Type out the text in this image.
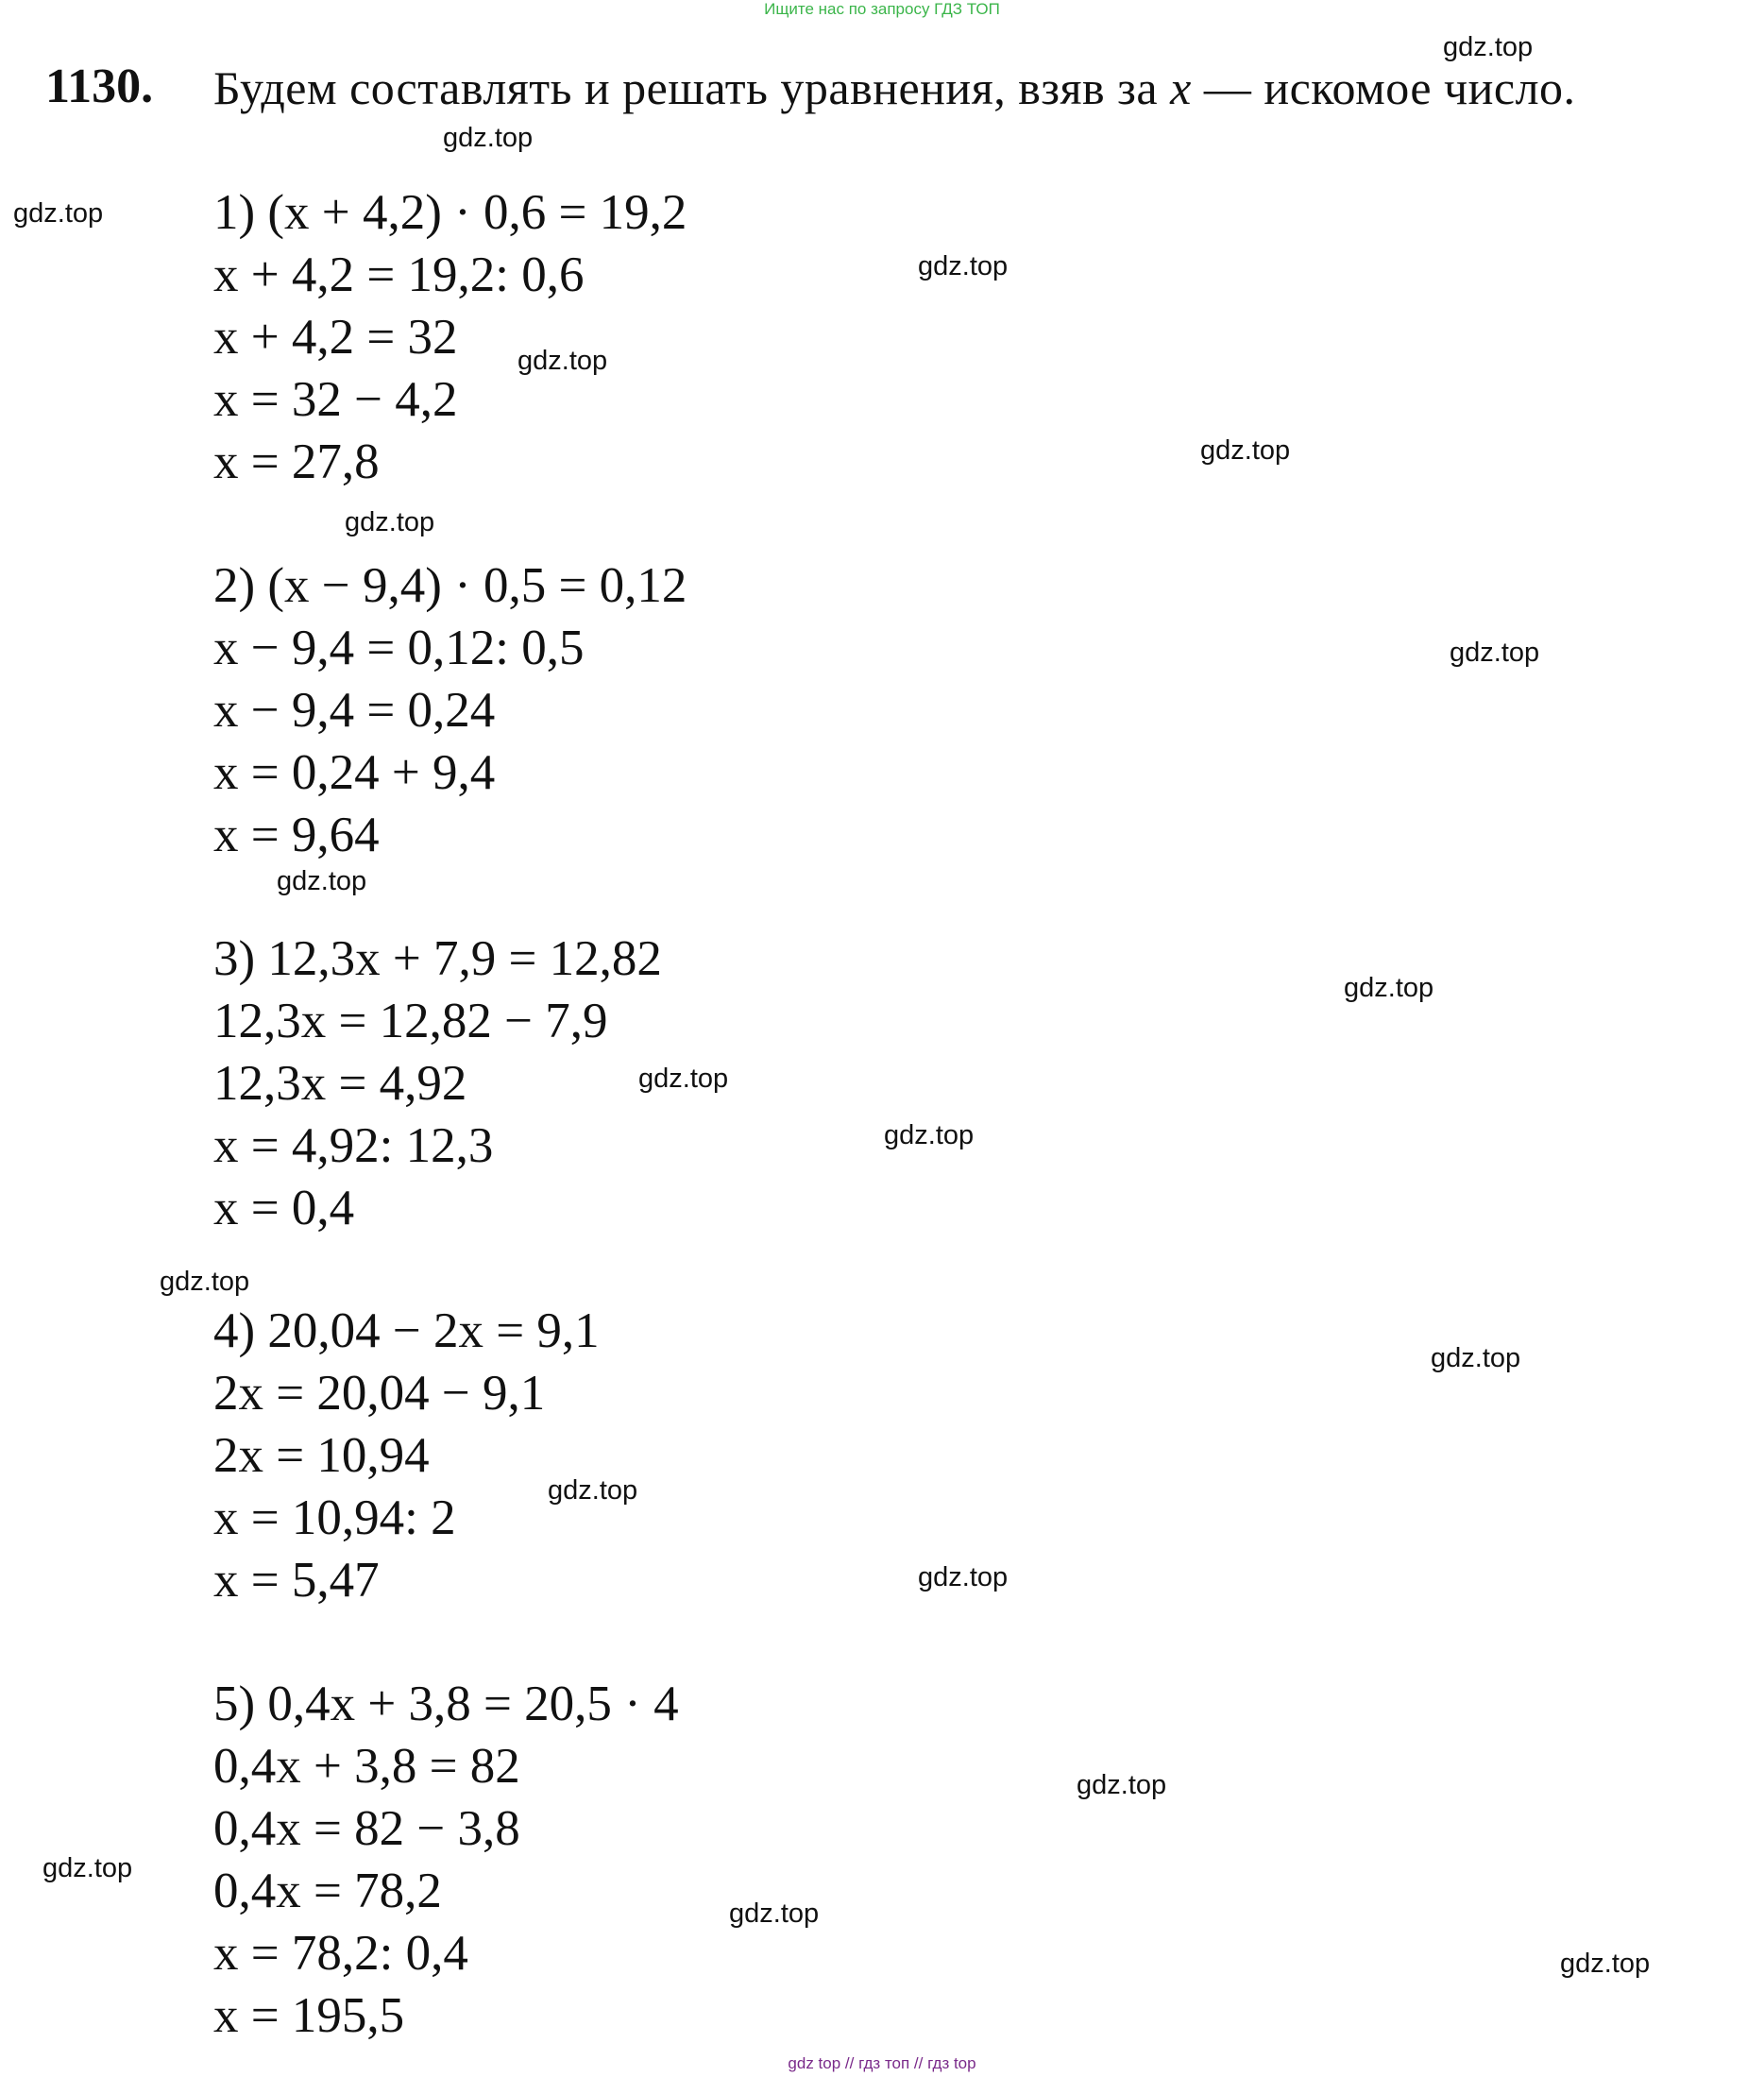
Ищите нас по запросу ГДЗ ТОП
1130. Будем составлять и решать уравнения, взяв за x — искомое число.
1) (x + 4,2) · 0,6 = 19,2
x + 4,2 = 19,2: 0,6
x + 4,2 = 32
x = 32 − 4,2
x = 27,8
2) (x − 9,4) · 0,5 = 0,12
x − 9,4 = 0,12: 0,5
x − 9,4 = 0,24
x = 0,24 + 9,4
x = 9,64
3) 12,3x + 7,9 = 12,82
12,3x = 12,82 − 7,9
12,3x = 4,92
x = 4,92: 12,3
x = 0,4
4) 20,04 − 2x = 9,1
2x = 20,04 − 9,1
2x = 10,94
x = 10,94: 2
x = 5,47
5) 0,4x + 3,8 = 20,5 · 4
0,4x + 3,8 = 82
0,4x = 82 − 3,8
0,4x = 78,2
x = 78,2: 0,4
x = 195,5
gdz.top
gdz.top
gdz.top
gdz.top
gdz.top
gdz.top
gdz.top
gdz.top
gdz.top
gdz.top
gdz.top
gdz.top
gdz.top
gdz.top
gdz.top
gdz.top
gdz.top
gdz.top
gdz.top
gdz.top
gdz top // гдз топ // гдз top
